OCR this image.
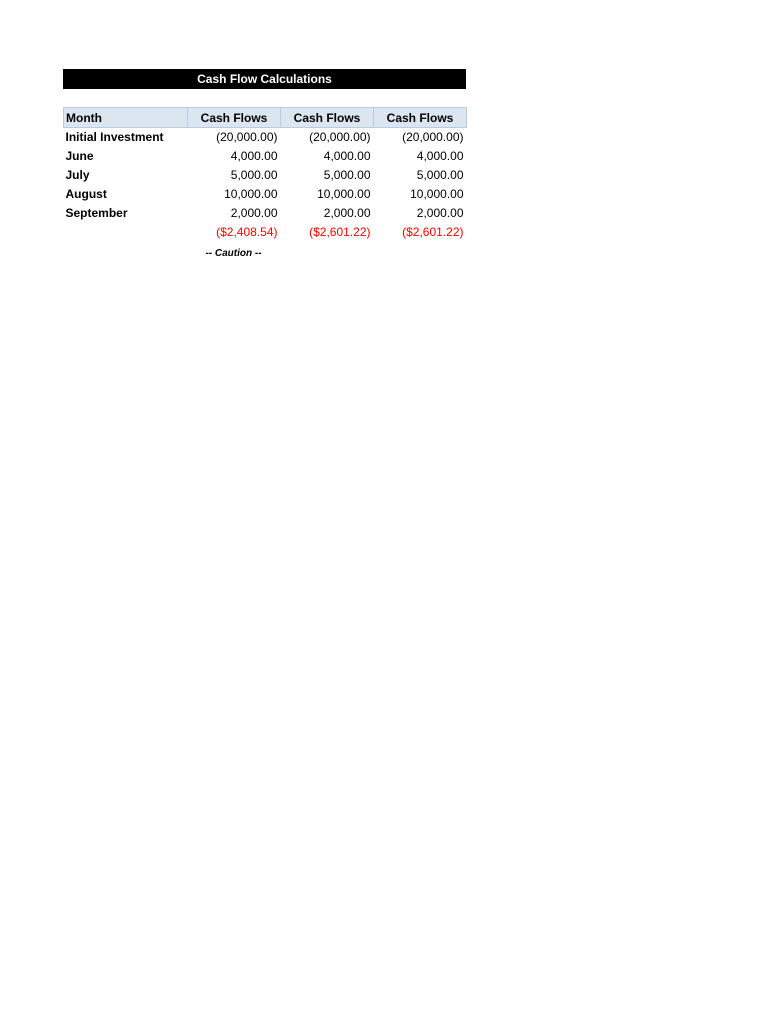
Cash Flow Calculations
Month	Cash Flows	Cash Flows	Cash Flows
Initial Investment	(20,000.00)	(20,000.00)	(20,000.00)
June	4,000.00	4,000.00	4,000.00
July	5,000.00	5,000.00	5,000.00
August	10,000.00	10,000.00	10,000.00
September	2,000.00	2,000.00	2,000.00
	($2,408.54)	($2,601.22)	($2,601.22)
-- Caution --
